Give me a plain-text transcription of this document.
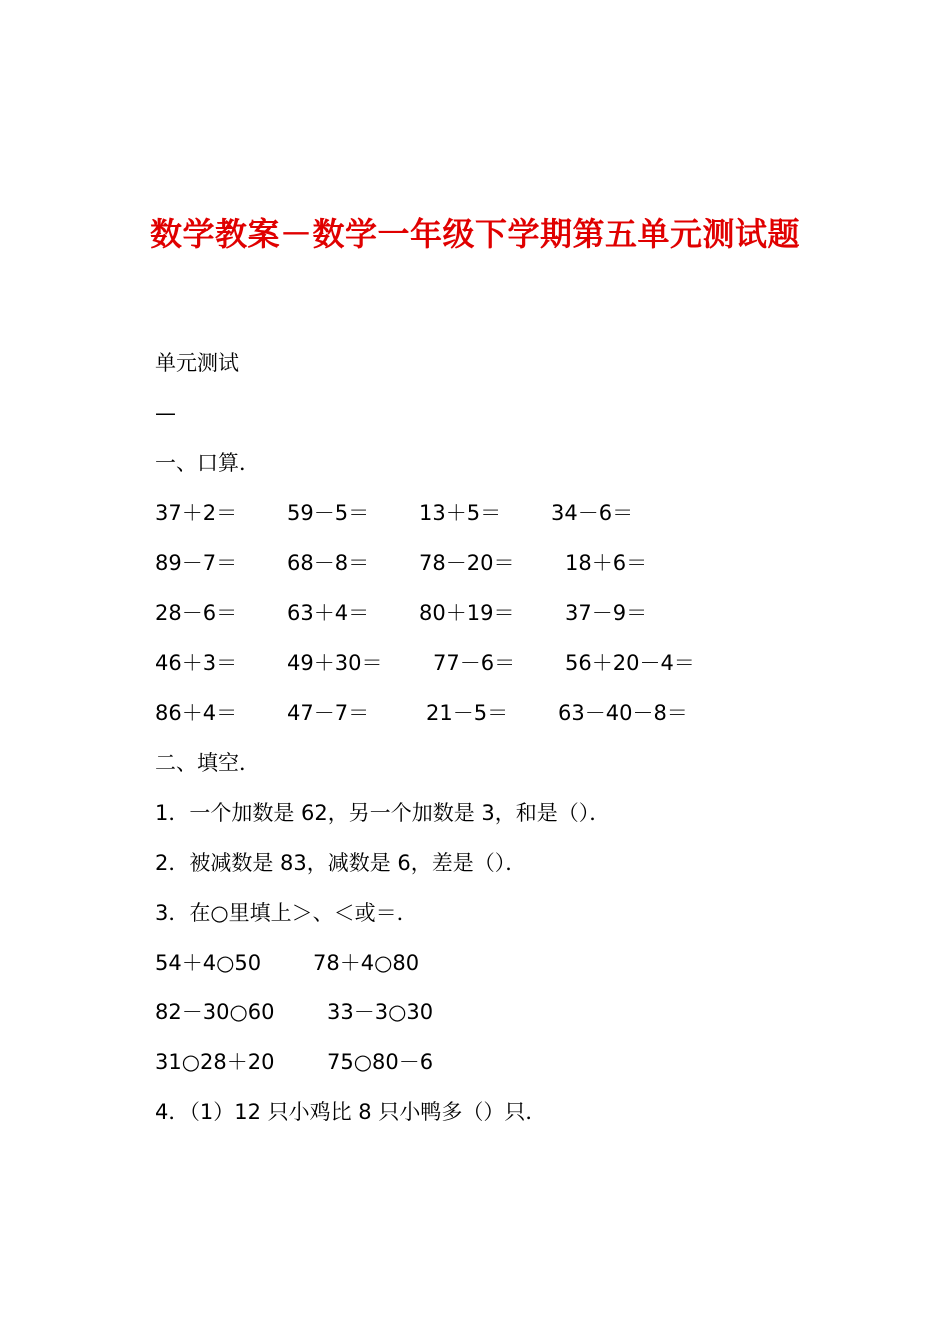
数学教案－数学一年级下学期第五单元测试题
单元测试
—
一、口算．
37＋2＝ 59－5＝ 13＋5＝ 34－6＝
89－7＝ 68－8＝ 78－20＝ 18＋6＝
28－6＝ 63＋4＝ 80＋19＝ 37－9＝
46＋3＝ 49＋30＝ 77－6＝ 56＋20－4＝
86＋4＝ 47－7＝	21－5＝ 63－40－8＝
二、填空．
1．一个加数是 62，另一个加数是 3，和是（）．
2．被减数是 83，减数是 6，差是（）．
3．在○里填上＞、＜或＝．
54＋4○50 78＋4○80
82－30○60	33－3○30
31○28＋20	75○80－6
4．（1）12 只小鸡比 8 只小鸭多（）只．
